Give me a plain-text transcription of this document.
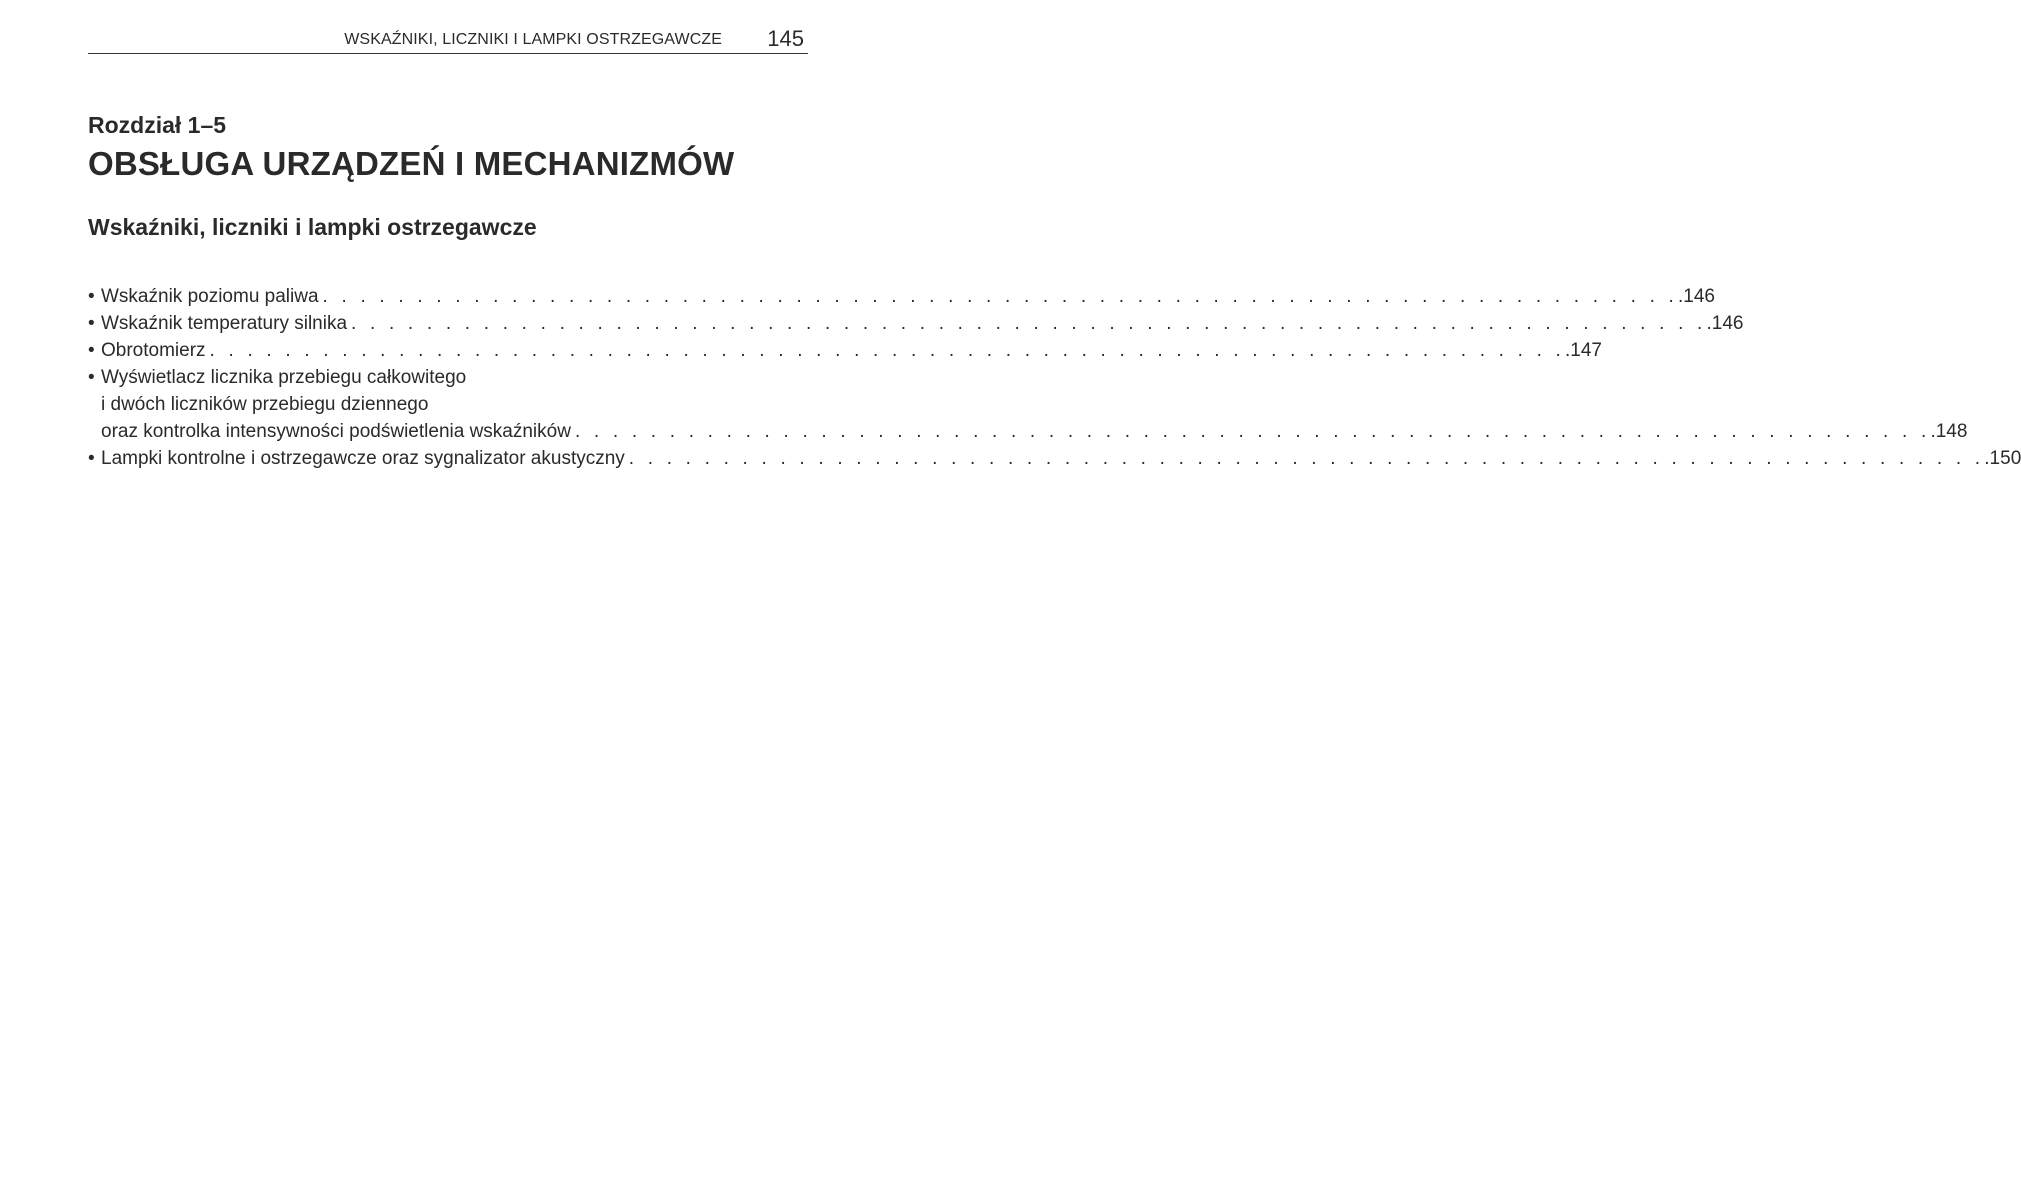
WSKAŹNIKI, LICZNIKI I LAMPKI OSTRZEGAWCZE 145
Rozdział 1–5
OBSŁUGA URZĄDZEŃ I MECHANIZMÓW
Wskaźniki, liczniki i lampki ostrzegawcze
• Wskaźnik poziomu paliwa . . . . . . . . . . . . . . . . . . . . . . . . . . . . . . . . . . . . . . . . . . . . . . . . . . . . . . . . . . . . . . . . . . . . . . . . .146
• Wskaźnik temperatury silnika . . . . . . . . . . . . . . . . . . . . . . . . . . . . . . . . . . . . . . . . . . . . . . . . . . . . . . . . . . . . . . . . . . . . . . . . .146
• Obrotomierz . . . . . . . . . . . . . . . . . . . . . . . . . . . . . . . . . . . . . . . . . . . . . . . . . . . . . . . . . . . . . . . . . . . . . . . . .147
• Wyświetlacz licznika przebiegu całkowitego
i dwóch liczników przebiegu dziennego
oraz kontrolka intensywności podświetlenia wskaźników . . . . . . . . . . . . . . . . . . . . . . . . . . . . . . . . . . . . . . . . . . . . . . . . . . . . . . . . . . . . . . . . . . . . . . . . .148
• Lampki kontrolne i ostrzegawcze oraz sygnalizator akustyczny . . . . . . . . . . . . . . . . . . . . . . . . . . . . . . . . . . . . . . . . . . . . . . . . . . . . . . . . . . . . . . . . . . . . . . . . .150
